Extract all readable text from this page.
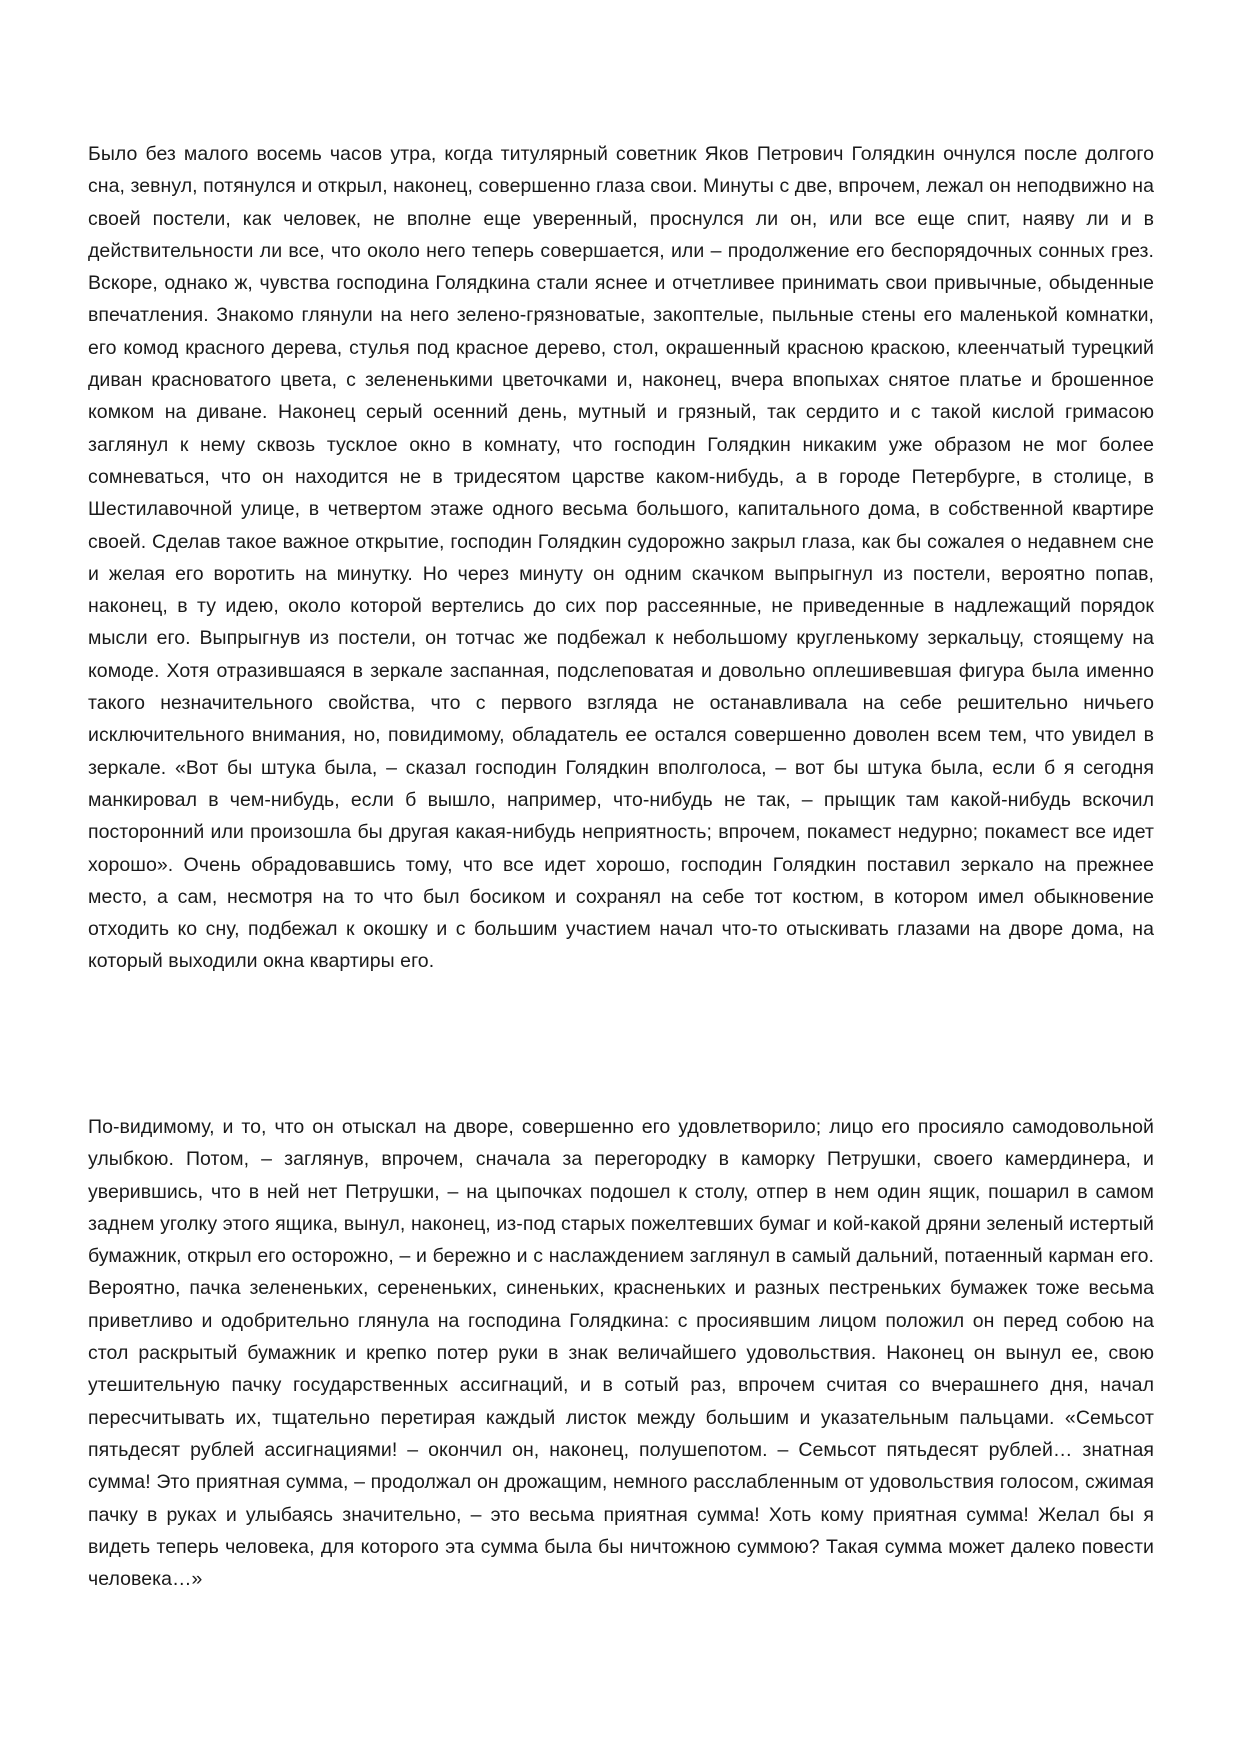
Было без малого восемь часов утра, когда титулярный советник Яков Петрович Голядкин очнулся после долгого сна, зевнул, потянулся и открыл, наконец, совершенно глаза свои. Минуты с две, впрочем, лежал он неподвижно на своей постели, как человек, не вполне еще уверенный, проснулся ли он, или все еще спит, наяву ли и в действительности ли все, что около него теперь совершается, или – продолжение его беспорядочных сонных грез. Вскоре, однако ж, чувства господина Голядкина стали яснее и отчетливее принимать свои привычные, обыденные впечатления. Знакомо глянули на него зелено-грязноватые, закоптелые, пыльные стены его маленькой комнатки, его комод красного дерева, стулья под красное дерево, стол, окрашенный красною краскою, клеенчатый турецкий диван красноватого цвета, с зелененькими цветочками и, наконец, вчера впопыхах снятое платье и брошенное комком на диване. Наконец серый осенний день, мутный и грязный, так сердито и с такой кислой гримасою заглянул к нему сквозь тусклое окно в комнату, что господин Голядкин никаким уже образом не мог более сомневаться, что он находится не в тридесятом царстве каком-нибудь, а в городе Петербурге, в столице, в Шестилавочной улице, в четвертом этаже одного весьма большого, капитального дома, в собственной квартире своей. Сделав такое важное открытие, господин Голядкин судорожно закрыл глаза, как бы сожалея о недавнем сне и желая его воротить на минутку. Но через минуту он одним скачком выпрыгнул из постели, вероятно попав, наконец, в ту идею, около которой вертелись до сих пор рассеянные, не приведенные в надлежащий порядок мысли его. Выпрыгнув из постели, он тотчас же подбежал к небольшому кругленькому зеркальцу, стоящему на комоде. Хотя отразившаяся в зеркале заспанная, подслеповатая и довольно оплешивевшая фигура была именно такого незначительного свойства, что с первого взгляда не останавливала на себе решительно ничьего исключительного внимания, но, повидимому, обладатель ее остался совершенно доволен всем тем, что увидел в зеркале. «Вот бы штука была, – сказал господин Голядкин вполголоса, – вот бы штука была, если б я сегодня манкировал в чем-нибудь, если б вышло, например, что-нибудь не так, – прыщик там какой-нибудь вскочил посторонний или произошла бы другая какая-нибудь неприятность; впрочем, покамест недурно; покамест все идет хорошо». Очень обрадовавшись тому, что все идет хорошо, господин Голядкин поставил зеркало на прежнее место, а сам, несмотря на то что был босиком и сохранял на себе тот костюм, в котором имел обыкновение отходить ко сну, подбежал к окошку и с большим участием начал что-то отыскивать глазами на дворе дома, на который выходили окна квартиры его.

По-видимому, и то, что он отыскал на дворе, совершенно его удовлетворило; лицо его просияло самодовольной улыбкою. Потом, – заглянув, впрочем, сначала за перегородку в каморку Петрушки, своего камердинера, и уверившись, что в ней нет Петрушки, – на цыпочках подошел к столу, отпер в нем один ящик, пошарил в самом заднем уголку этого ящика, вынул, наконец, из-под старых пожелтевших бумаг и кой-какой дряни зеленый истертый бумажник, открыл его осторожно, – и бережно и с наслаждением заглянул в самый дальний, потаенный карман его. Вероятно, пачка зелененьких, серененьких, синеньких, красненьких и разных пестреньких бумажек тоже весьма приветливо и одобрительно глянула на господина Голядкина: с просиявшим лицом положил он перед собою на стол раскрытый бумажник и крепко потер руки в знак величайшего удовольствия. Наконец он вынул ее, свою утешительную пачку государственных ассигнаций, и в сотый раз, впрочем считая со вчерашнего дня, начал пересчитывать их, тщательно перетирая каждый листок между большим и указательным пальцами. «Семьсот пятьдесят рублей ассигнациями! – окончил он, наконец, полушепотом. – Семьсот пятьдесят рублей… знатная сумма! Это приятная сумма, – продолжал он дрожащим, немного расслабленным от удовольствия голосом, сжимая пачку в руках и улыбаясь значительно, – это весьма приятная сумма! Хоть кому приятная сумма! Желал бы я видеть теперь человека, для которого эта сумма была бы ничтожною суммою? Такая сумма может далеко повести человека…»
